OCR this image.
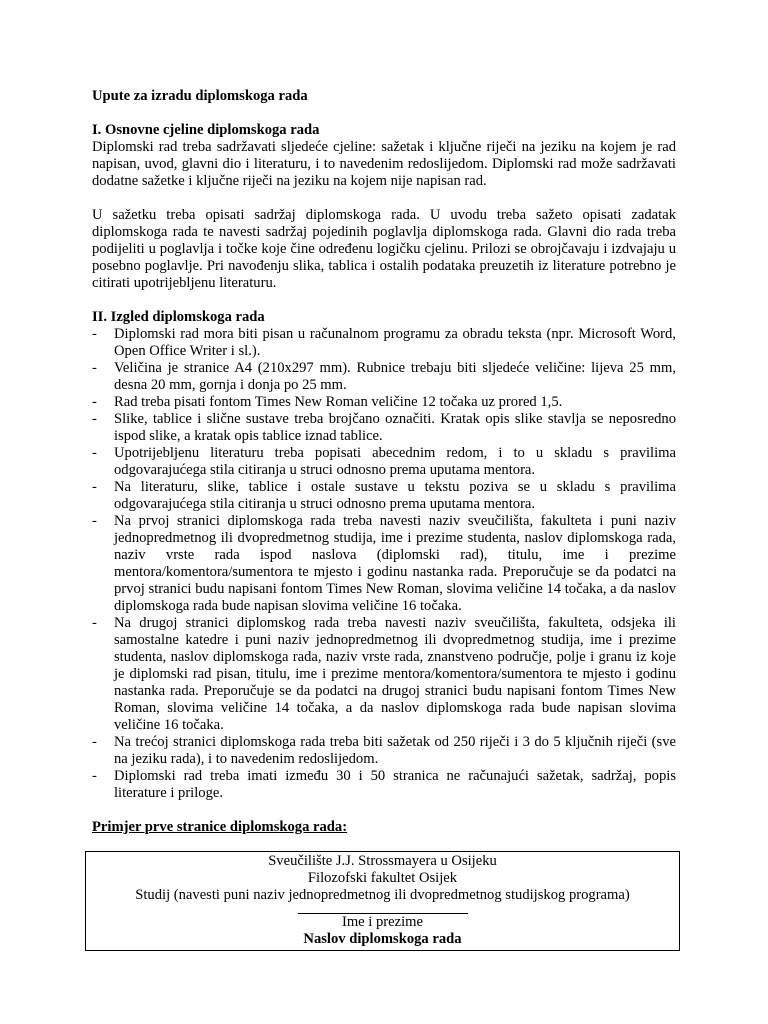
Upute za izradu diplomskoga rada

I. Osnovne cjeline diplomskoga rada

Diplomski rad treba sadržavati sljedeće cjeline: sažetak i ključne riječi na jeziku na kojem je rad napisan, uvod, glavni dio i literaturu, i to navedenim redoslijedom. Diplomski rad može sadržavati dodatne sažetke i ključne riječi na jeziku na kojem nije napisan rad.

U sažetku treba opisati sadržaj diplomskoga rada. U uvodu treba sažeto opisati zadatak diplomskoga rada te navesti sadržaj pojedinih poglavlja diplomskoga rada. Glavni dio rada treba podijeliti u poglavlja i točke koje čine određenu logičku cjelinu. Prilozi se obrojčavaju i izdvajaju u posebno poglavlje. Pri navođenju slika, tablica i ostalih podataka preuzetih iz literature potrebno je citirati upotrijebljenu literaturu.

II. Izgled diplomskoga rada

- Diplomski rad mora biti pisan u računalnom programu za obradu teksta (npr. Microsoft Word, Open Office Writer i sl.).
- Veličina je stranice A4 (210x297 mm). Rubnice trebaju biti sljedeće veličine: lijeva 25 mm, desna 20 mm, gornja i donja po 25 mm.
- Rad treba pisati fontom Times New Roman veličine 12 točaka uz prored 1,5.
- Slike, tablice i slične sustave treba brojčano označiti. Kratak opis slike stavlja se neposredno ispod slike, a kratak opis tablice iznad tablice.
- Upotrijebljenu literaturu treba popisati abecednim redom, i to u skladu s pravilima odgovarajućega stila citiranja u struci odnosno prema uputama mentora.
- Na literaturu, slike, tablice i ostale sustave u tekstu poziva se u skladu s pravilima odgovarajućega stila citiranja u struci odnosno prema uputama mentora.
- Na prvoj stranici diplomskoga rada treba navesti naziv sveučilišta, fakulteta i puni naziv jednopredmetnog ili dvopredmetnog studija, ime i prezime studenta, naslov diplomskoga rada, naziv vrste rada ispod naslova (diplomski rad), titulu, ime i prezime mentora/komentora/sumentora te mjesto i godinu nastanka rada. Preporučuje se da podatci na prvoj stranici budu napisani fontom Times New Roman, slovima veličine 14 točaka, a da naslov diplomskoga rada bude napisan slovima veličine 16 točaka.
- Na drugoj stranici diplomskog rada treba navesti naziv sveučilišta, fakulteta, odsjeka ili samostalne katedre i puni naziv jednopredmetnog ili dvopredmetnog studija, ime i prezime studenta, naslov diplomskoga rada, naziv vrste rada, znanstveno područje, polje i granu iz koje je diplomski rad pisan, titulu, ime i prezime mentora/komentora/sumentora te mjesto i godinu nastanka rada. Preporučuje se da podatci na drugoj stranici budu napisani fontom Times New Roman, slovima veličine 14 točaka, a da naslov diplomskoga rada bude napisan slovima veličine 16 točaka.
- Na trećoj stranici diplomskoga rada treba biti sažetak od 250 riječi i 3 do 5 ključnih riječi (sve na jeziku rada), i to navedenim redoslijedom.
- Diplomski rad treba imati između 30 i 50 stranica ne računajući sažetak, sadržaj, popis literature i priloge.

Primjer prve stranice diplomskoga rada:

Sveučilište J.J. Strossmayera u Osijeku
Filozofski fakultet Osijek
Studij (navesti puni naziv jednopredmetnog ili dvopredmetnog studijskog programa)
Ime i prezime
Naslov diplomskoga rada
